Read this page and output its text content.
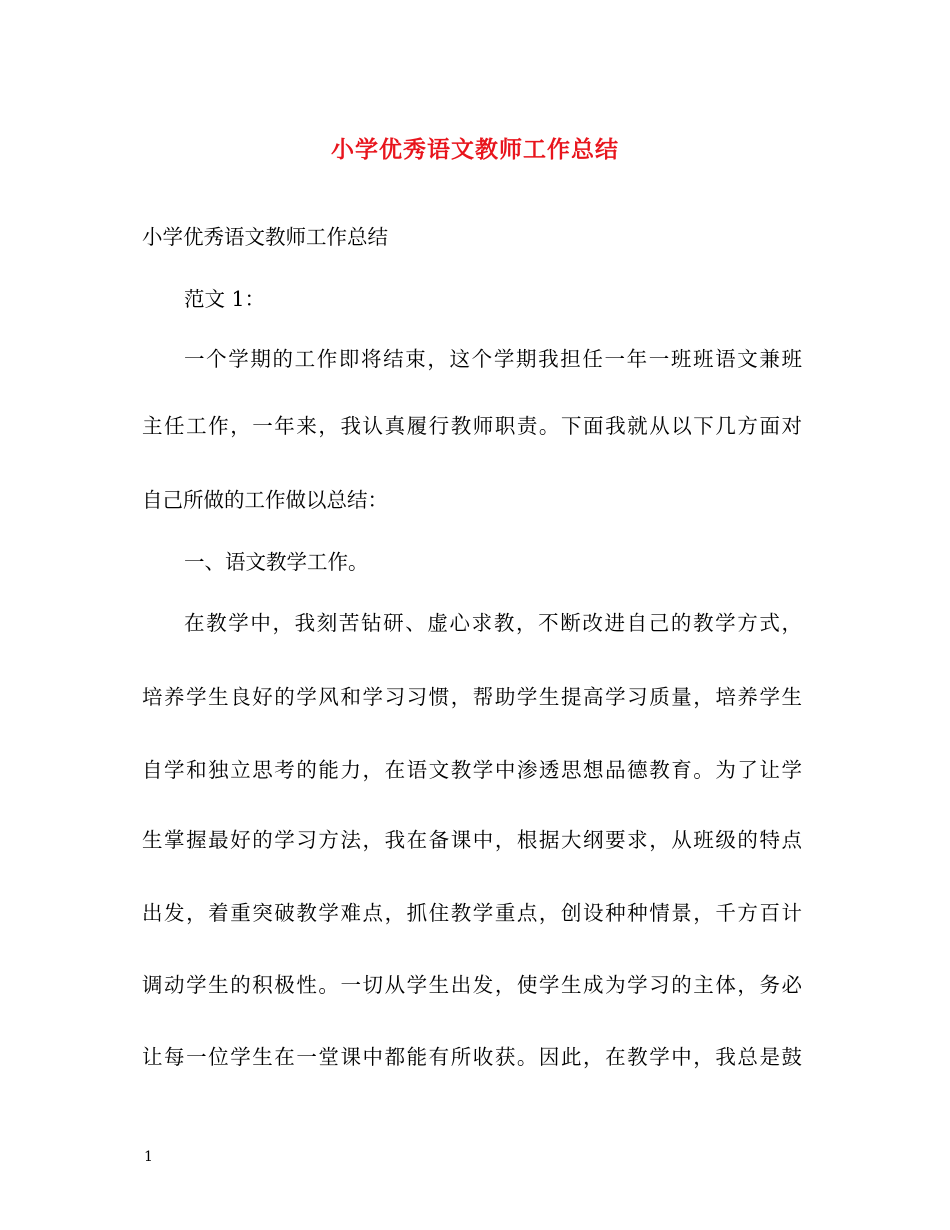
小学优秀语文教师工作总结
小学优秀语文教师工作总结
范文 1：
一个学期的工作即将结束，这个学期我担任一年一班班语文兼班
主任工作，一年来，我认真履行教师职责。下面我就从以下几方面对
自己所做的工作做以总结：
一、语文教学工作。
在教学中，我刻苦钻研、虚心求教，不断改进自己的教学方式，
培养学生良好的学风和学习习惯，帮助学生提高学习质量，培养学生
自学和独立思考的能力，在语文教学中渗透思想品德教育。为了让学
生掌握最好的学习方法，我在备课中，根据大纲要求，从班级的特点
出发，着重突破教学难点，抓住教学重点，创设种种情景，千方百计
调动学生的积极性。一切从学生出发，使学生成为学习的主体，务必
让每一位学生在一堂课中都能有所收获。因此，在教学中，我总是鼓
1
